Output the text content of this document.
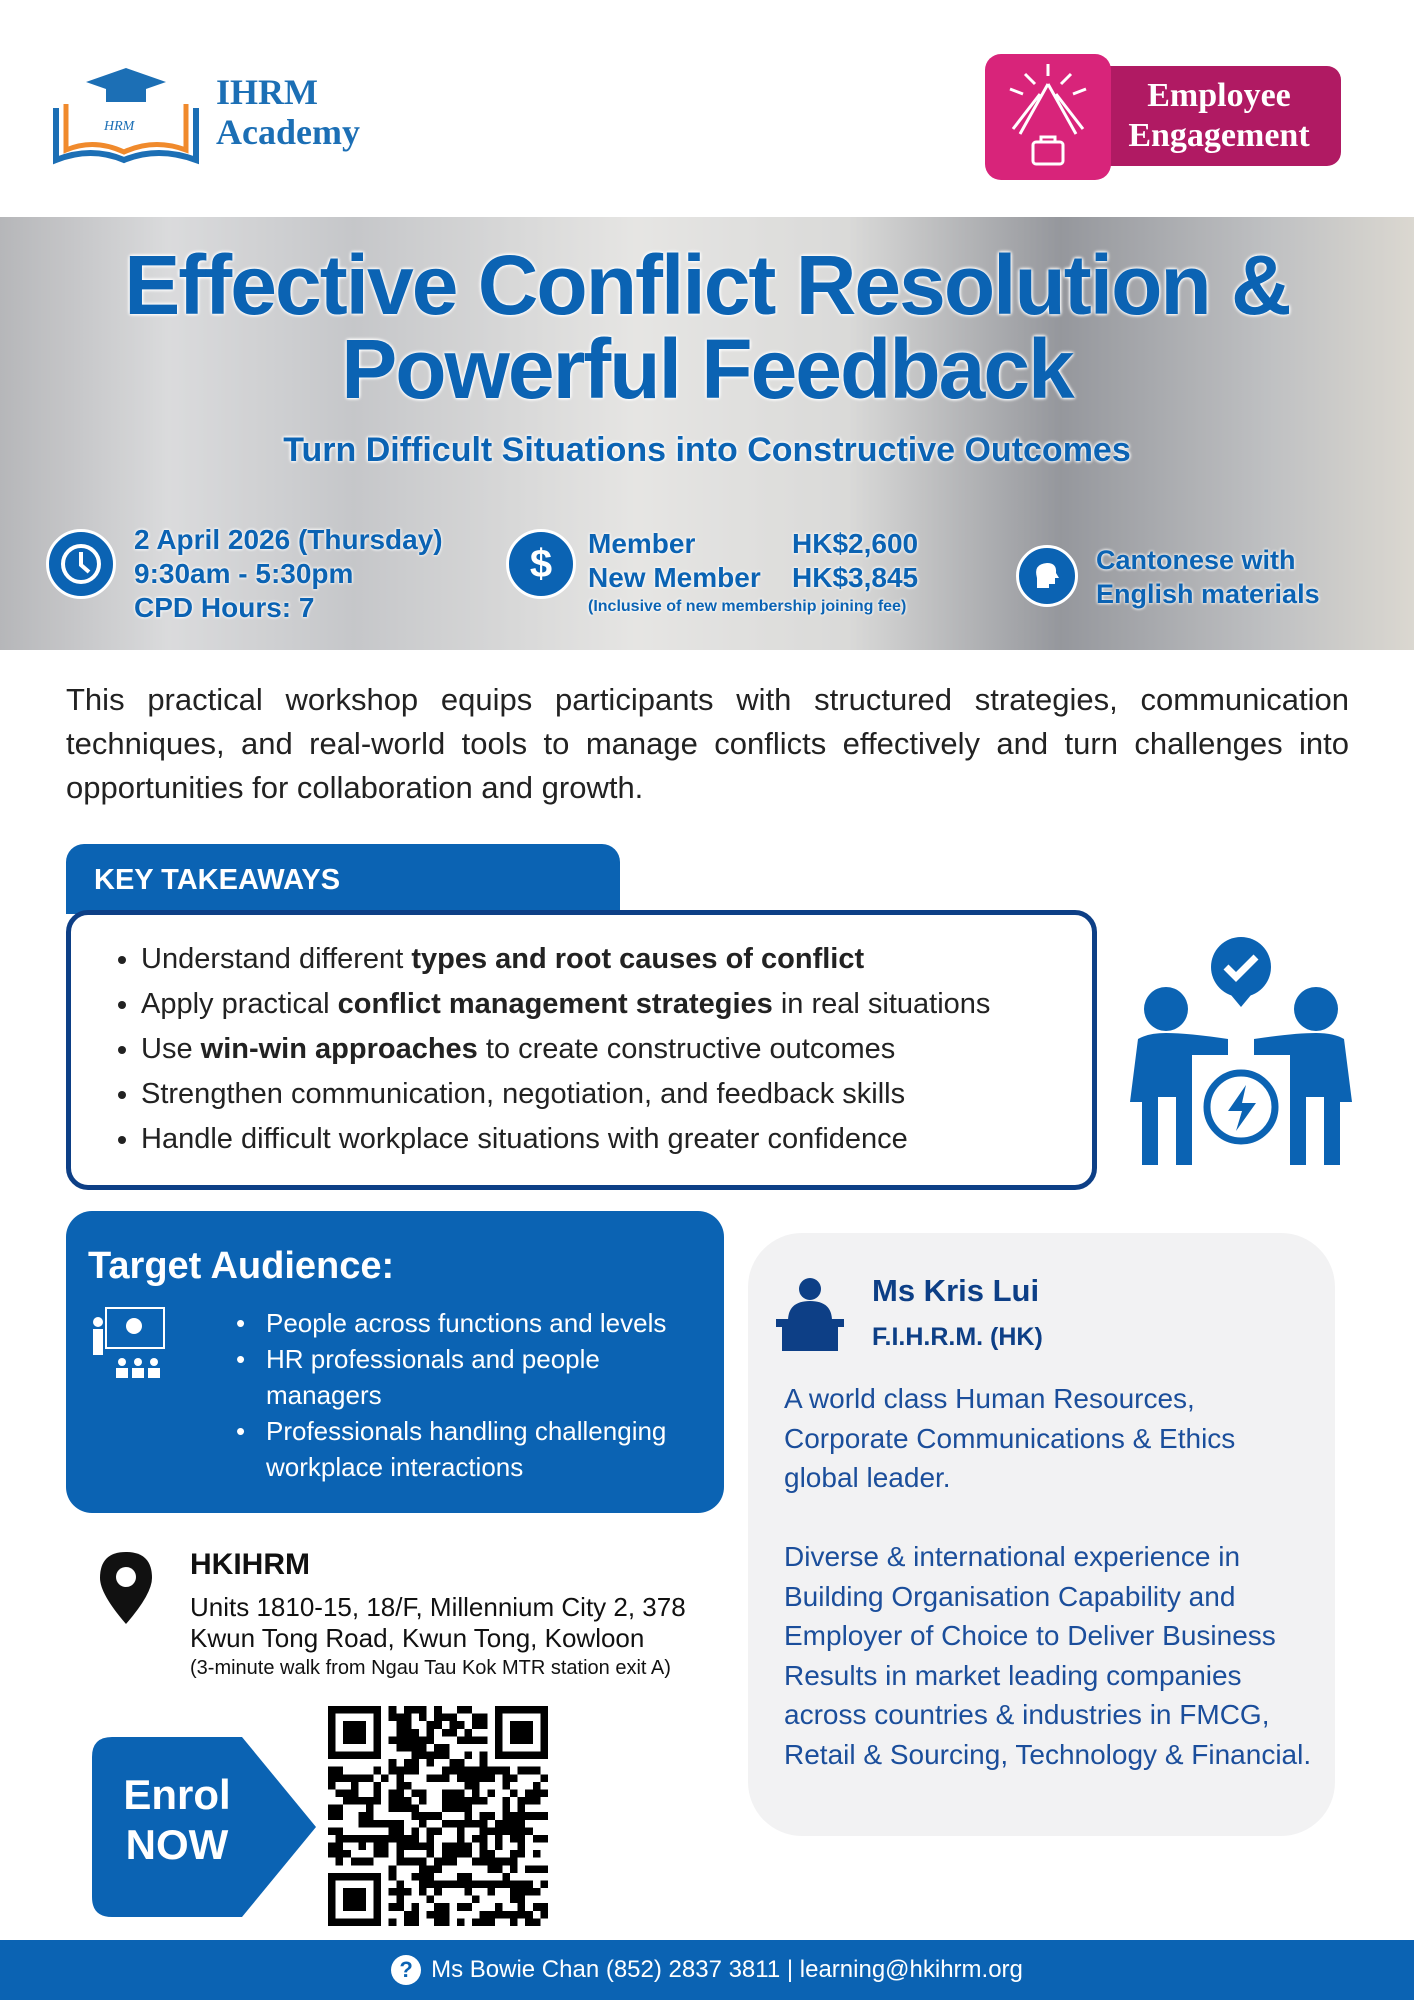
HRM
IHRM
Academy
Employee
Engagement
Effective Conflict Resolution &
Powerful Feedback
Turn Difficult Situations into Constructive Outcomes
2 April 2026 (Thursday)
9:30am - 5:30pm
CPD Hours: 7
$	Member	HK$2,600
New Member HK$3,845
(Inclusive of new membership joining fee)
Cantonese with
English materials

This practical workshop equips participants with structured strategies, communication techniques, and real-world tools to manage conflicts effectively and turn challenges into opportunities for collaboration and growth.

KEY TAKEAWAYS
• Understand different types and root causes of conflict
• Apply practical conflict management strategies in real situations
• Use win-win approaches to create constructive outcomes
• Strengthen communication, negotiation, and feedback skills
• Handle difficult workplace situations with greater confidence
Target Audience:
• People across functions and levels
• HR professionals and people managers
• Professionals handling challenging workplace interactions
Ms Kris Lui
F.I.H.R.M. (HK)
A world class Human Resources, Corporate Communications & Ethics global leader.
Diverse & international experience in Building Organisation Capability and Employer of Choice to Deliver Business Results in market leading companies across countries & industries in FMCG, Retail & Sourcing, Technology & Financial.
HKIHRM
Units 1810-15, 18/F, Millennium City 2, 378 Kwun Tong Road, Kwun Tong, Kowloon
(3-minute walk from Ngau Tau Kok MTR station exit A)
Enrol
NOW
? Ms Bowie Chan (852) 2837 3811 | learning@hkihrm.org
